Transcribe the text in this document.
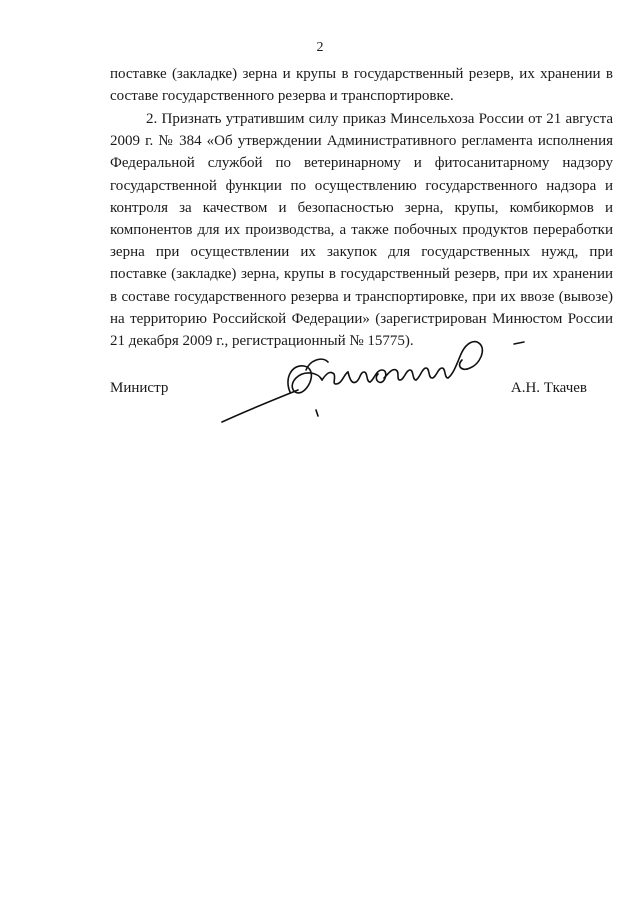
2

поставке (закладке) зерна и крупы в государственный резерв, их хранении в составе государственного резерва и транспортировке.

2. Признать утратившим силу приказ Минсельхоза России от 21 августа 2009 г. № 384 «Об утверждении Административного регламента исполнения Федеральной службой по ветеринарному и фитосанитарному надзору государственной функции по осуществлению государственного надзора и контроля за качеством и безопасностью зерна, крупы, комбикормов и компонентов для их производства, а также побочных продуктов переработки зерна при осуществлении их закупок для государственных нужд, при поставке (закладке) зерна, крупы в государственный резерв, при их хранении в составе государственного резерва и транспортировке, при их ввозе (вывозе) на территорию Российской Федерации» (зарегистрирован Минюстом России 21 декабря 2009 г., регистрационный № 15775).

Министр	А.Н. Ткачев
